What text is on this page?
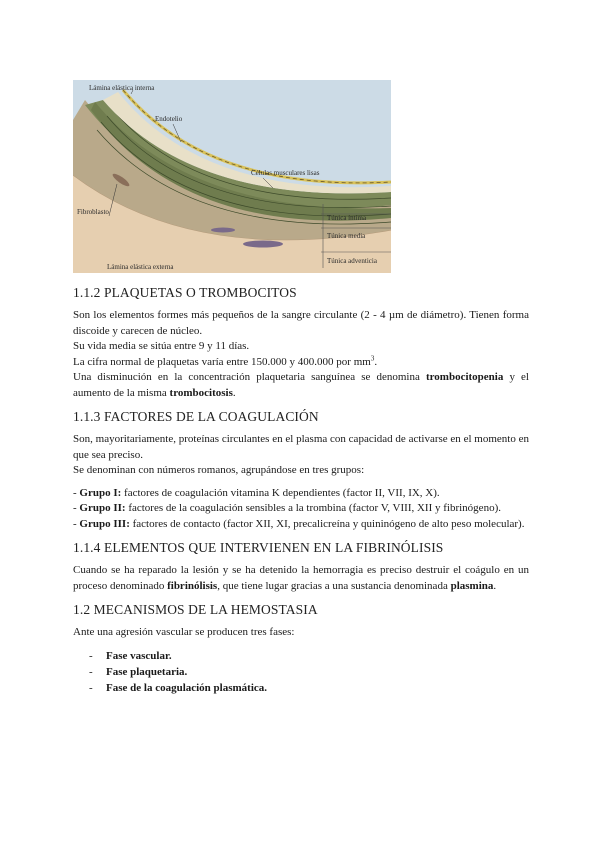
Lámina elástica interna
Endotelio
Células musculares lisas
Fibroblasto
Túnica íntima
Túnica media
Lámina elástica externa
Túnica adventicia
1.1.2 PLAQUETAS O TROMBOCITOS

Son los elementos formes más pequeños de la sangre circulante (2 - 4 µm de diámetro). Tienen forma discoide y carecen de núcleo.

Su vida media se sitúa entre 9 y 11 días.

La cifra normal de plaquetas varía entre 150.000 y 400.000 por $mm^3$.

Una disminución en la concentración plaquetaria sanguínea se denomina trombocitopenia y el aumento de la misma trombocitosis.

1.1.3 FACTORES DE LA COAGULACIÓN

Son, mayoritariamente, proteínas circulantes en el plasma con capacidad de activarse en el momento en que sea preciso.

Se denominan con números romanos, agrupándose en tres grupos:

- Grupo I: factores de coagulación vitamina K dependientes (factor II, VII, IX, X).

- Grupo II: factores de la coagulación sensibles a la trombina (factor V, VIII, XII y fibrinógeno).

- Grupo III: factores de contacto (factor XII, XI, precalicreína y quininógeno de alto peso molecular).

1.1.4 ELEMENTOS QUE INTERVIENEN EN LA FIBRINÓLISIS

Cuando se ha reparado la lesión y se ha detenido la hemorragia es preciso destruir el coágulo en un proceso denominado fibrinólisis, que tiene lugar gracias a una sustancia denominada plasmina.

1.2 MECANISMOS DE LA HEMOSTASIA

Ante una agresión vascular se producen tres fases:

-	Fase vascular.
-	Fase plaquetaria.
-	Fase de la coagulación plasmática.
